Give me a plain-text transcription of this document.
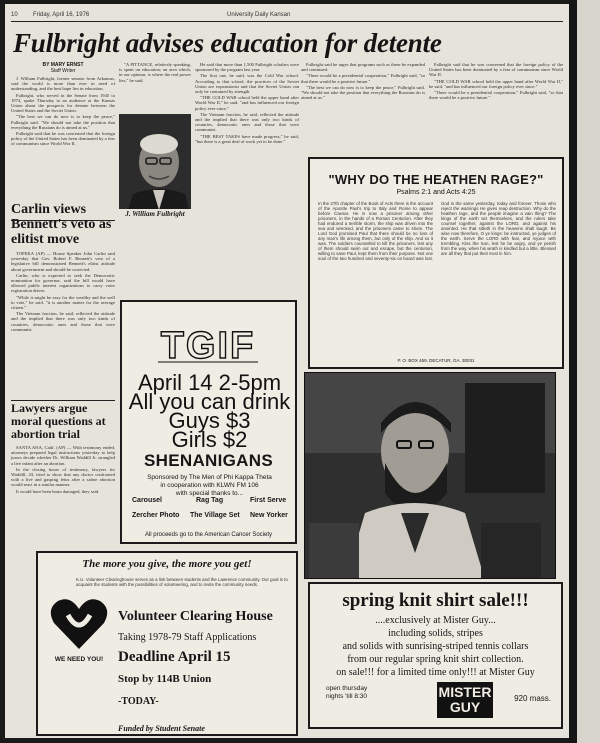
10	Friday, April 16, 1976	University Daily Kansan
Fulbright advises education for detente
BY MARY ERNST
Staff Writer

J. William Fulbright, former senator from Arkansas, said the world is more than ever in need of understanding, and the best hope lies in education.

Fulbright, who served in the Senate from 1945 to 1974, spoke Thursday to an audience at the Kansas Union about the prospects for detente between the United States and the Soviet Union.

"The best we can do now is to keep the peace," Fulbright said. "We should not take the position that everything the Russians do is aimed at us."

Fulbright said that he was concerned that the foreign policy of the United States has been dominated by a fear of communism since World War II.

"A PITTANCE, relatively speaking, is spent on education; an area which, in our opinion, is where the real power lies," he said.

J. William Fulbright

He said that more than 1,500 Fulbright scholars were sponsored by the program last year.

The first one, he said, was the Cold War school. According to that school, the practices of the Soviet Union are expansionist and that the Soviet Union can only be contained by strength.

"THE COLD WAR school held the upper hand after World War II," he said, "and has influenced our foreign policy ever since."

The Vietnam fraction, he said, reflected the attitude and the implied that there was only two kinds of countries, democratic ones and those that were communist.

"THE BEST TAKES have made progress," he said, "but there is a great deal of work yet to be done."

Fulbright said he urges that programs such as these be expanded and continued.

"There would be a presidential cooperation," Fulbright said, "so that there would be a positive future."

"The best we can do now is to keep the peace," Fulbright said. "We should not take the position that everything the Russians do is aimed at us."

Fulbright said that he was concerned that the foreign policy of the United States has been dominated by a fear of communism since World War II.

"THE COLD WAR school held the upper hand after World War II," he said, "and has influenced our foreign policy ever since."

"There would be a presidential cooperation," Fulbright said, "so that there would be a positive future."

Carlin views Bennett's veto as elitist move

TOPEKA (AP) — House Speaker John Carlin said yesterday that Gov. Robert F. Bennett's veto of a legislative bill demonstrated Bennett's elitist attitude about government and should be corrected.

Carlin, who is expected to seek the Democratic nomination for governor, said the bill would have allowed public interest organizations to carry voter registration drives.

"While it might be easy for the wealthy and the well to vote," he said, "it is another matter for the average citizen."

The Vietnam fraction, he said, reflected the attitude and the implied that there was only two kinds of countries, democratic ones and those that were communist.

Lawyers argue moral questions at abortion trial

SANTA ANA, Calif. (AP) — With testimony ended, attorneys prepared legal instructions yesterday to help jurors decide whether Dr. William Waddill Jr. strangled a live infant after an abortion.

In the closing hours of testimony, lawyers for Waddill, 43, tried to show that any doctor confronted with a live and gasping fetus after a saline abortion would react in a similar manner.

It would have been brain damaged, they said.

"WHY DO THE HEATHEN RAGE?"
Psalms 2:1 and Acts 4:25
In the 27th chapter of the Book of Acts there is the account of the Apostle Paul's trip to Italy and Rome to appear before Caesar. He is now a prisoner among other prisoners, in the hands of a Roman Centurion. After they had endured a terrible storm, the ship was driven into the sea and wrecked, and the prisoners came to shore. The Lord God promised Paul that there should be no loss of any man's life among them, but only of the ship. And so it was. The soldiers counselled to kill the prisoners, lest any of them should swim out and escape, but the centurion, willing to save Paul, kept them from their purpose. Not one soul of the two hundred and seventy-six on board was lost. God is the same yesterday, today and forever. Those who reject the warnings He gives reap destruction. Why do the heathen rage, and the people imagine a vain thing? The kings of the earth set themselves, and the rulers take counsel together, against the LORD, and against his anointed. He that sitteth in the heavens shall laugh. Be wise now therefore, O ye kings: be instructed, ye judges of the earth. Serve the LORD with fear, and rejoice with trembling. Kiss the Son, lest he be angry, and ye perish from the way, when his wrath is kindled but a little. Blessed are all they that put their trust in him.
P. O. BOX 469, DECATUR, GA. 30031
TGIF
April 14 2-5pm
All you can drink
Guys $3
Girls $2
SHENANIGANS
Sponsored by The Men of Phi Kappa Theta
in cooperation with KLWN FM 106
with special thanks to...
Carousel	Rag Tag	First Serve
Zercher Photo The Village Set New Yorker
All proceeds go to the American Cancer Society
spring knit shirt sale!!!
....exclusively at Mister Guy...
including solids, stripes
and solids with sunrising-striped tennis collars
from our regular spring knit shirt collection.
on sale!!! for a limited time only!!! at Mister Guy
open thursday
nights 'till 8:30	MISTER
GUY
920 mass.
The more you give, the more you get!
K.U. Volunteer Clearinghouse serves as a link between students and the Lawrence community. Our goal is to acquaint the students with the possibilities of volunteering, and to invite the community needs.
WE NEED YOU!
Volunteer Clearing House
Taking 1978-79 Staff Applications
Deadline April 15
Stop by 114B Union
-TODAY-
Funded by Student Senate
